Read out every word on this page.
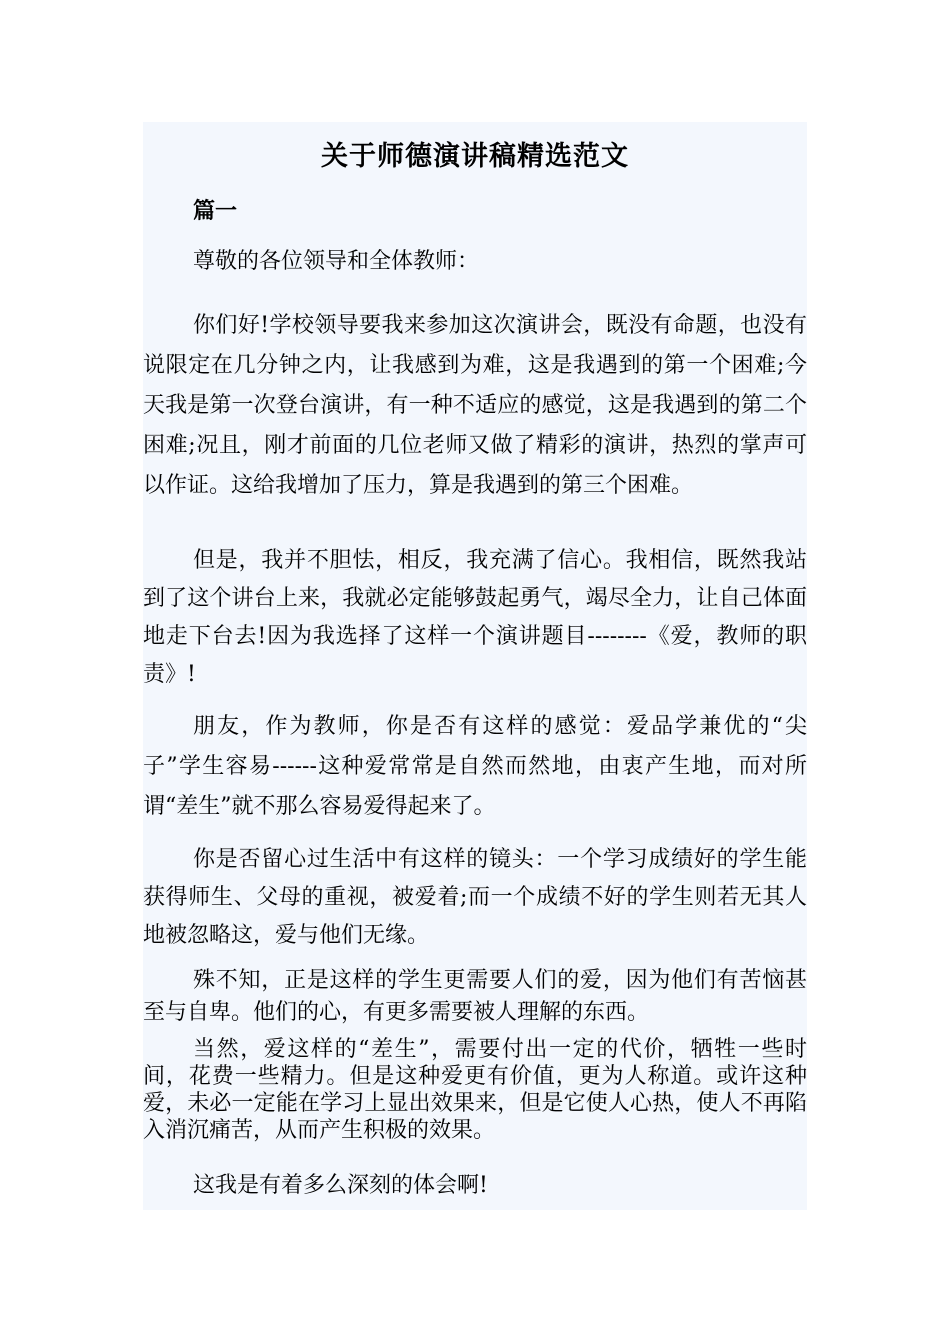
关于师德演讲稿精选范文
篇一
尊敬的各位领导和全体教师：
你们好!学校领导要我来参加这次演讲会，既没有命题，也没有说限定在几分钟之内，让我感到为难，这是我遇到的第一个困难;今天我是第一次登台演讲，有一种不适应的感觉，这是我遇到的第二个困难;况且，刚才前面的几位老师又做了精彩的演讲，热烈的掌声可以作证。这给我增加了压力，算是我遇到的第三个困难。
但是，我并不胆怯，相反，我充满了信心。我相信，既然我站到了这个讲台上来，我就必定能够鼓起勇气，竭尽全力，让自己体面地走下台去!因为我选择了这样一个演讲题目--------《爱，教师的职责》!
朋友，作为教师，你是否有这样的感觉：爱品学兼优的“尖子”学生容易------这种爱常常是自然而然地，由衷产生地，而对所谓“差生”就不那么容易爱得起来了。
你是否留心过生活中有这样的镜头：一个学习成绩好的学生能获得师生、父母的重视，被爱着;而一个成绩不好的学生则若无其人地被忽略这，爱与他们无缘。
殊不知，正是这样的学生更需要人们的爱，因为他们有苦恼甚至与自卑。他们的心，有更多需要被人理解的东西。
当然，爱这样的“差生”，需要付出一定的代价，牺牲一些时间，花费一些精力。但是这种爱更有价值，更为人称道。或许这种爱，未必一定能在学习上显出效果来，但是它使人心热，使人不再陷入消沉痛苦，从而产生积极的效果。
这我是有着多么深刻的体会啊!
